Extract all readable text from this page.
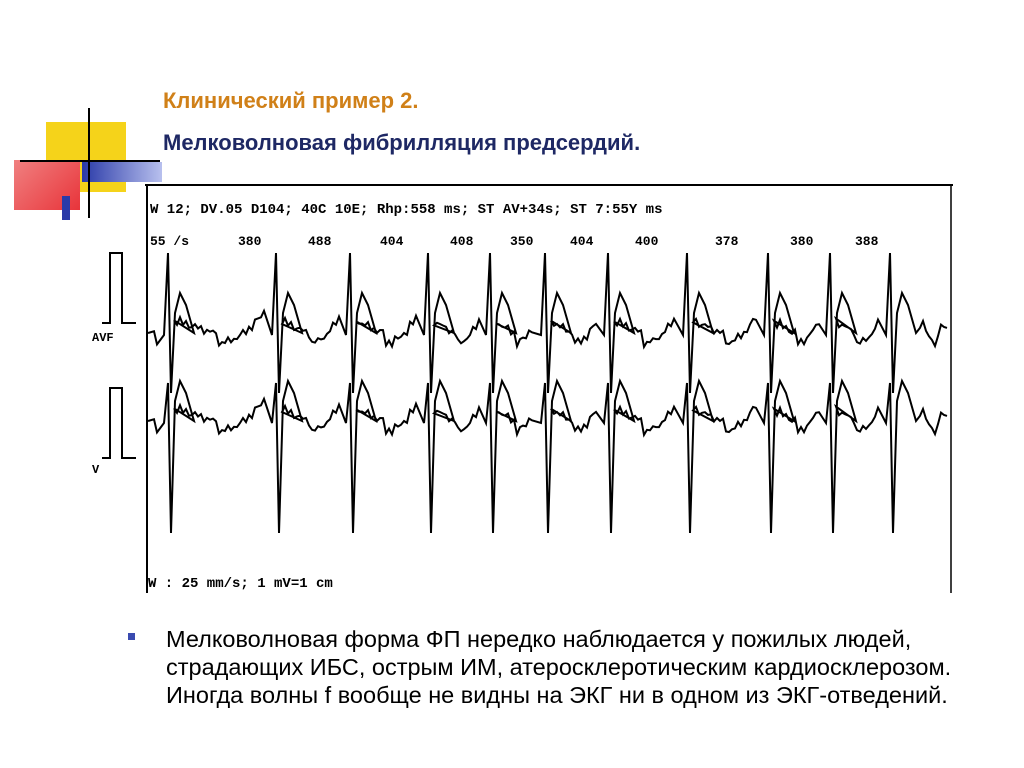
Клинический пример 2.
Мелковолновая фибрилляция предсердий.
W 12; DV.05 D104; 40C 10E; Rhp:558 ms; ST AV+34s; ST 7:55Y ms
55 /s	380	488	404	408	350	404	400	378	380	388
AVF
V
W : 25 mm/s; 1 mV=1 cm
Мелковолновая форма ФП нередко наблюдается у пожилых людей, страдающих ИБС, острым ИМ, атеросклеротическим кардиосклерозом. Иногда волны f вообще не видны на ЭКГ ни в одном из ЭКГ-отведений.
